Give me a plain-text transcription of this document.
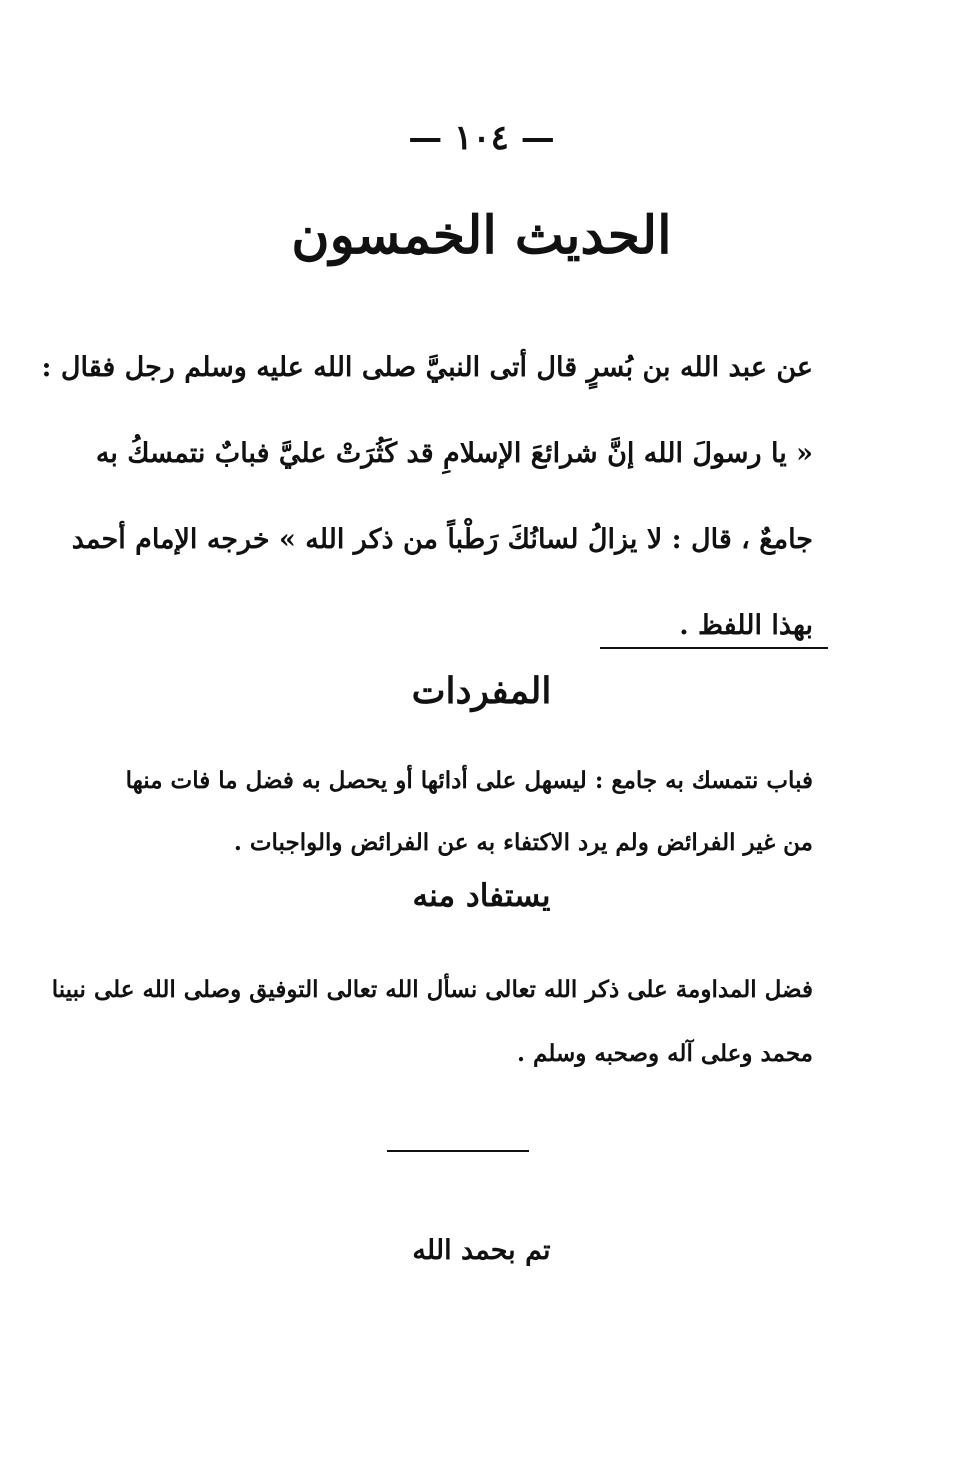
— ١٠٤ —
الحديث الخمسون
عن عبد الله بن بُسرٍ قال أتى النبيَّ صلى الله عليه وسلم رجل فقال :
« يا رسولَ الله إنَّ شرائعَ الإسلامِ قد كَثُرَتْ عليَّ فبابٌ نتمسكُ به
جامعٌ ، قال : لا يزالُ لسانُكَ رَطْباً من ذكر الله » خرجه الإمام أحمد
بهذا اللفظ .
المفردات
فباب نتمسك به جامع : ليسهل على أدائها أو يحصل به فضل ما فات منها
من غير الفرائض ولم يرد الاكتفاء به عن الفرائض والواجبات .
يستفاد منه
فضل المداومة على ذكر الله تعالى نسأل الله تعالى التوفيق وصلى الله على نبينا
محمد وعلى آله وصحبه وسلم .
تم بحمد الله
